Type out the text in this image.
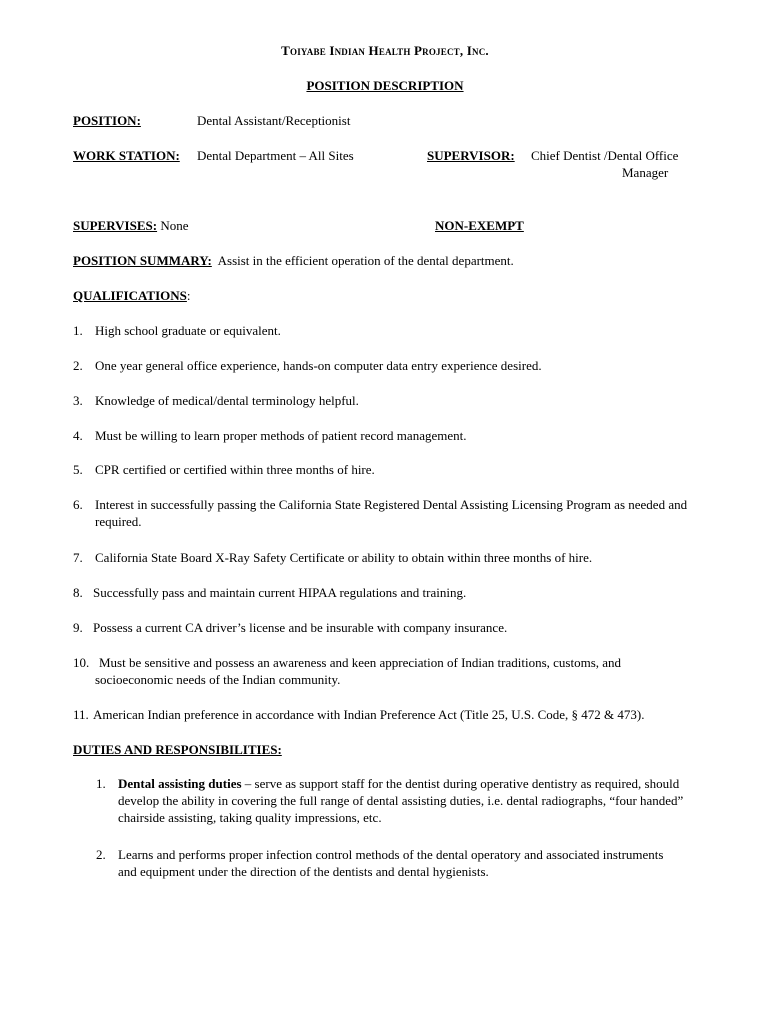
Toiyabe Indian Health Project, Inc.
POSITION DESCRIPTION
POSITION:	Dental Assistant/Receptionist
WORK STATION: Dental Department – All Sites	SUPERVISOR: Chief Dentist /Dental Office
Manager
SUPERVISES: None	NON-EXEMPT
POSITION SUMMARY: Assist in the efficient operation of the dental department.
QUALIFICATIONS:
1. High school graduate or equivalent.
2. One year general office experience, hands-on computer data entry experience desired.
3. Knowledge of medical/dental terminology helpful.
4. Must be willing to learn proper methods of patient record management.
5. CPR certified or certified within three months of hire.
6. Interest in successfully passing the California State Registered Dental Assisting Licensing Program as needed and required.
7. California State Board X-Ray Safety Certificate or ability to obtain within three months of hire.
8. Successfully pass and maintain current HIPAA regulations and training.
9. Possess a current CA driver’s license and be insurable with company insurance.
10. Must be sensitive and possess an awareness and keen appreciation of Indian traditions, customs, and socioeconomic needs of the Indian community.
11. American Indian preference in accordance with Indian Preference Act (Title 25, U.S. Code, § 472 & 473).
DUTIES AND RESPONSIBILITIES:
1. Dental assisting duties – serve as support staff for the dentist during operative dentistry as required, should develop the ability in covering the full range of dental assisting duties, i.e. dental radiographs, “four handed” chairside assisting, taking quality impressions, etc.
2. Learns and performs proper infection control methods of the dental operatory and associated instruments and equipment under the direction of the dentists and dental hygienists.
